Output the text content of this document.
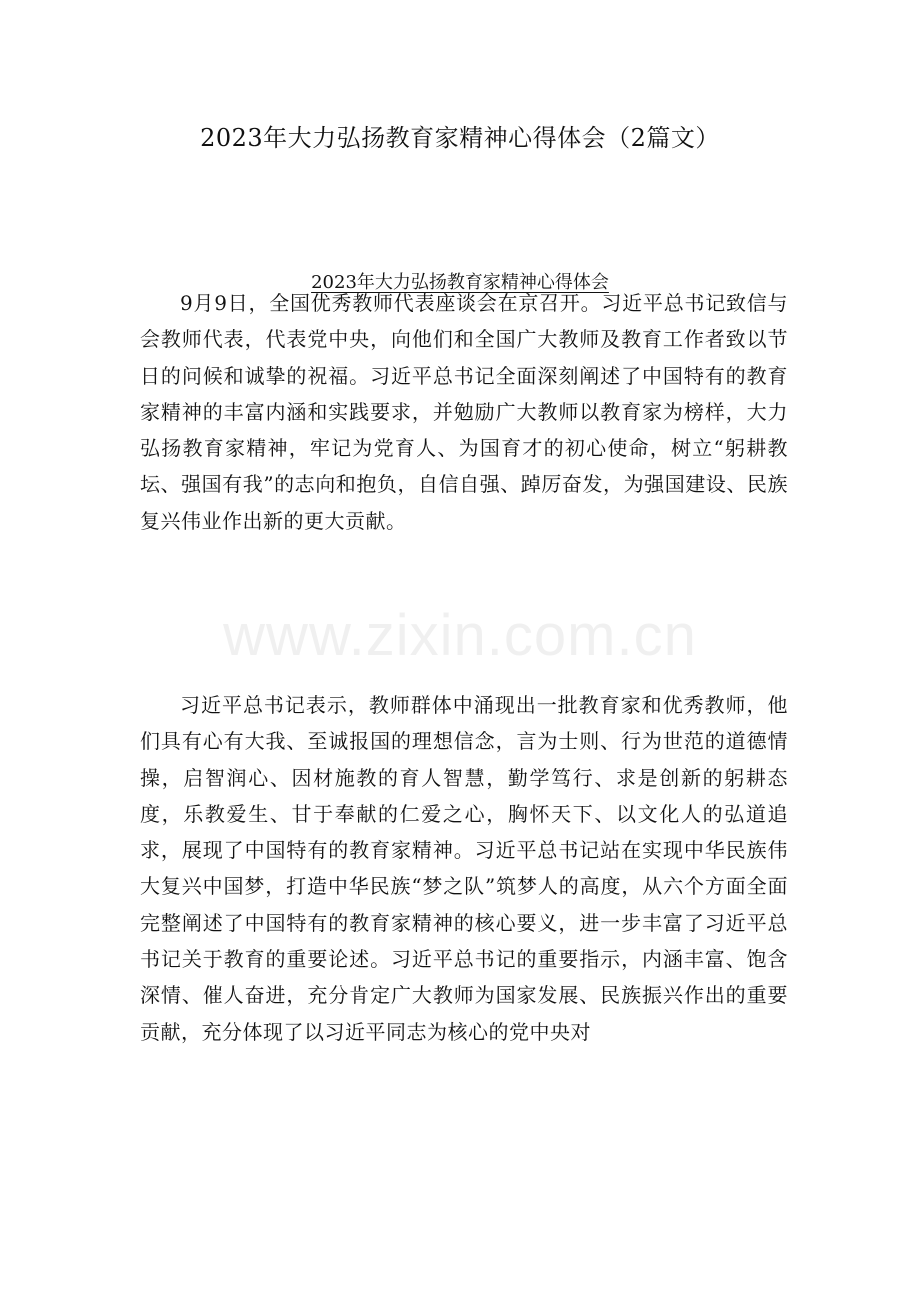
2023年大力弘扬教育家精神心得体会（2篇文）
2023年大力弘扬教育家精神心得体会

9月9日，全国优秀教师代表座谈会在京召开。习近平总书记致信与会教师代表，代表党中央，向他们和全国广大教师及教育工作者致以节日的问候和诚挚的祝福。习近平总书记全面深刻阐述了中国特有的教育家精神的丰富内涵和实践要求，并勉励广大教师以教育家为榜样，大力弘扬教育家精神，牢记为党育人、为国育才的初心使命，树立“躬耕教坛、强国有我”的志向和抱负，自信自强、踔厉奋发，为强国建设、民族复兴伟业作出新的更大贡献。

习近平总书记表示，教师群体中涌现出一批教育家和优秀教师，他们具有心有大我、至诚报国的理想信念，言为士则、行为世范的道德情操，启智润心、因材施教的育人智慧，勤学笃行、求是创新的躬耕态度，乐教爱生、甘于奉献的仁爱之心，胸怀天下、以文化人的弘道追求，展现了中国特有的教育家精神。习近平总书记站在实现中华民族伟大复兴中国梦，打造中华民族“梦之队”筑梦人的高度，从六个方面全面完整阐述了中国特有的教育家精神的核心要义，进一步丰富了习近平总书记关于教育的重要论述。习近平总书记的重要指示，内涵丰富、饱含深情、催人奋进，充分肯定广大教师为国家发展、民族振兴作出的重要贡献，充分体现了以习近平同志为核心的党中央对

www.zixin.com.cn
